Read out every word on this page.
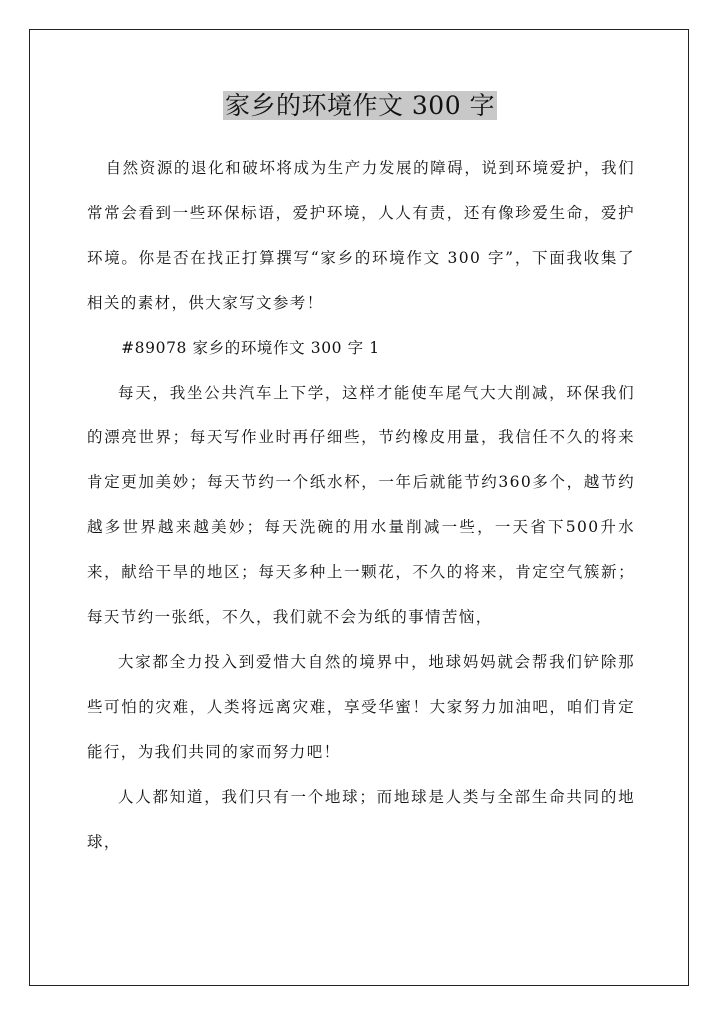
家乡的环境作文 300 字

自然资源的退化和破坏将成为生产力发展的障碍，说到环境爱护，我们常常会看到一些环保标语，爱护环境，人人有责，还有像珍爱生命，爱护环境。你是否在找正打算撰写“家乡的环境作文 300 字”，下面我收集了相关的素材，供大家写文参考！

#89078 家乡的环境作文 300 字 1

每天，我坐公共汽车上下学，这样才能使车尾气大大削减，环保我们的漂亮世界；每天写作业时再仔细些，节约橡皮用量，我信任不久的将来肯定更加美妙；每天节约一个纸水杯，一年后就能节约360多个，越节约越多世界越来越美妙；每天洗碗的用水量削减一些，一天省下500升水来，献给干旱的地区；每天多种上一颗花，不久的将来，肯定空气簇新；每天节约一张纸，不久，我们就不会为纸的事情苦恼，

大家都全力投入到爱惜大自然的境界中，地球妈妈就会帮我们铲除那些可怕的灾难，人类将远离灾难，享受华蜜！大家努力加油吧，咱们肯定能行，为我们共同的家而努力吧！

人人都知道，我们只有一个地球；而地球是人类与全部生命共同的地球，
